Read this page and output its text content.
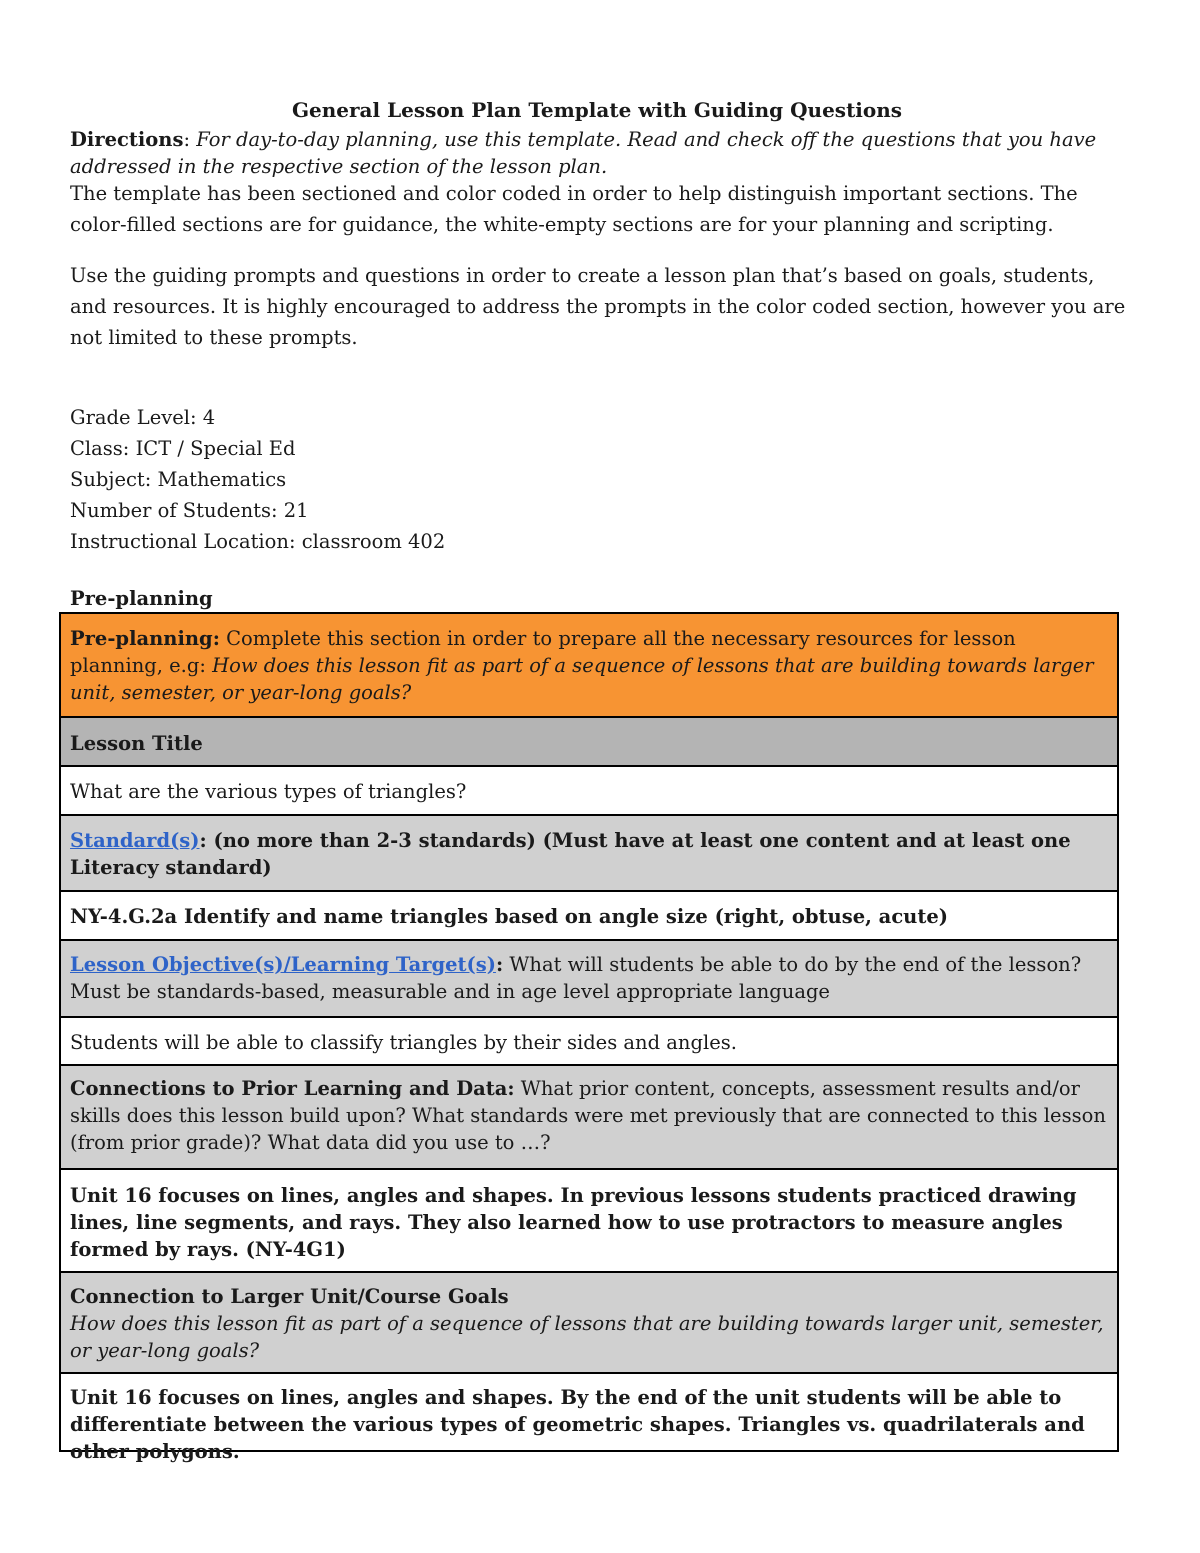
General Lesson Plan Template with Guiding Questions
Directions: For day-to-day planning, use this template. Read and check off the questions that you have addressed in the respective section of the lesson plan.
The template has been sectioned and color coded in order to help distinguish important sections. The color-filled sections are for guidance, the white-empty sections are for your planning and scripting.
Use the guiding prompts and questions in order to create a lesson plan that’s based on goals, students, and resources. It is highly encouraged to address the prompts in the color coded section, however you are not limited to these prompts.
Grade Level: 4
Class: ICT / Special Ed
Subject: Mathematics
Number of Students: 21
Instructional Location: classroom 402
Pre-planning
Pre-planning: Complete this section in order to prepare all the necessary resources for lesson planning, e.g: How does this lesson fit as part of a sequence of lessons that are building towards larger unit, semester, or year-long goals?
Lesson Title
What are the various types of triangles?
Standard(s): (no more than 2-3 standards) (Must have at least one content and at least one Literacy standard)
NY-4.G.2a Identify and name triangles based on angle size (right, obtuse, acute)
Lesson Objective(s)/Learning Target(s): What will students be able to do by the end of the lesson? Must be standards-based, measurable and in age level appropriate language
Students will be able to classify triangles by their sides and angles.
Connections to Prior Learning and Data: What prior content, concepts, assessment results and/or skills does this lesson build upon? What standards were met previously that are connected to this lesson (from prior grade)? What data did you use to …?
Unit 16 focuses on lines, angles and shapes. In previous lessons students practiced drawing lines, line segments, and rays. They also learned how to use protractors to measure angles formed by rays. (NY-4G1)
Connection to Larger Unit/Course Goals
How does this lesson fit as part of a sequence of lessons that are building towards larger unit, semester, or year-long goals?
Unit 16 focuses on lines, angles and shapes. By the end of the unit students will be able to differentiate between the various types of geometric shapes. Triangles vs. quadrilaterals and other polygons.
